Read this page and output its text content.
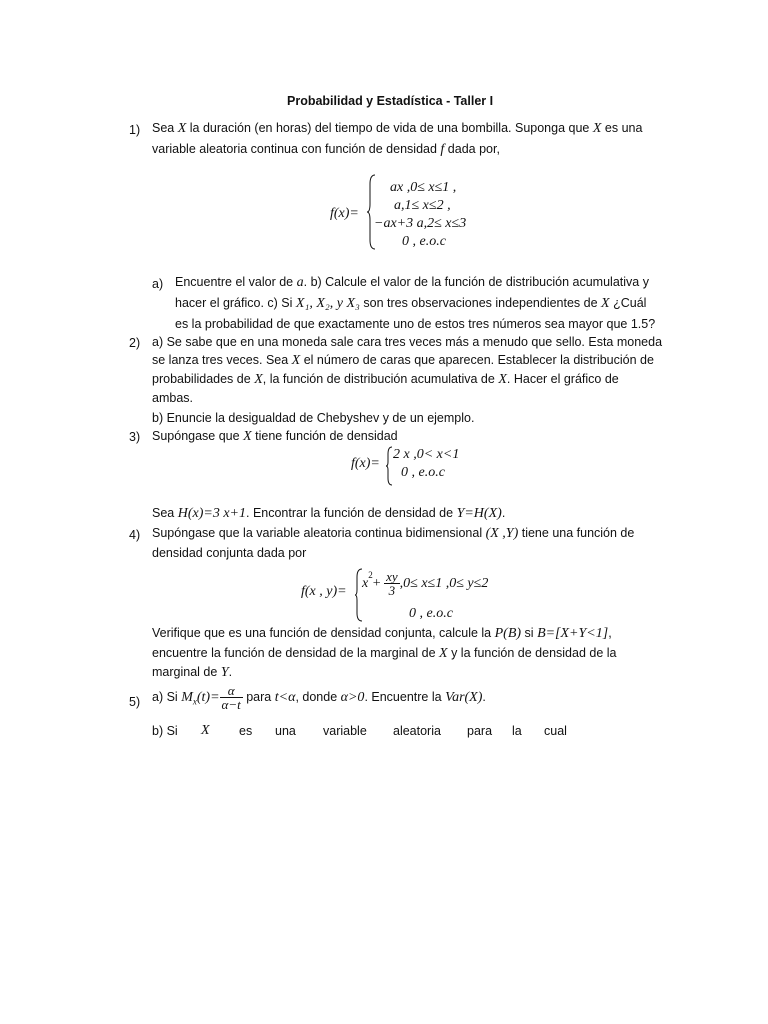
Probabilidad y Estadística - Taller I
1) Sea X la duración (en horas) del tiempo de vida de una bombilla. Suponga que X es una
variable aleatoria continua con función de densidad f dada por,
f(x)=
ax ,0≤ x≤1 ,
a,1≤ x≤2 ,
−ax+3 a,2≤ x≤3
0 , e.o.c
a) Encuentre el valor de a. b) Calcule el valor de la función de distribución acumulativa y
hacer el gráfico. c) Si X₁, X₂, y X₃ son tres observaciones independientes de X ¿Cuál
es la probabilidad de que exactamente uno de estos tres números sea mayor que 1.5?
2) a) Se sabe que en una moneda sale cara tres veces más a menudo que sello. Esta moneda
se lanza tres veces. Sea X el número de caras que aparecen. Establecer la distribución de
probabilidades de X, la función de distribución acumulativa de X. Hacer el gráfico de
ambas.
b) Enuncie la desigualdad de Chebyshev y de un ejemplo.
3) Supóngase que X tiene función de densidad
f(x)=
2 x ,0< x<1
0 , e.o.c
Sea H(x)=3 x+1. Encontrar la función de densidad de Y=H(X).
4) Supóngase que la variable aleatoria continua bidimensional (X ,Y) tiene una función de
densidad conjunta dada por
f(x , y)=
$x^2+ \frac{xy}{3} ,0\le x\le 1$ ,0≤ y≤2
0 , e.o.c
Verifique que es una función de densidad conjunta, calcule la P(B) si B=[X+Y<1],
encuentre la función de densidad de la marginal de X y la función de densidad de la
marginal de Y.
5) a) Si $M_x(t)= \frac{\alpha}{\alpha-t}$ para t<α, donde α>0. Encuentre la Var(X).
b) Si X es una variable aleatoria para la cual
